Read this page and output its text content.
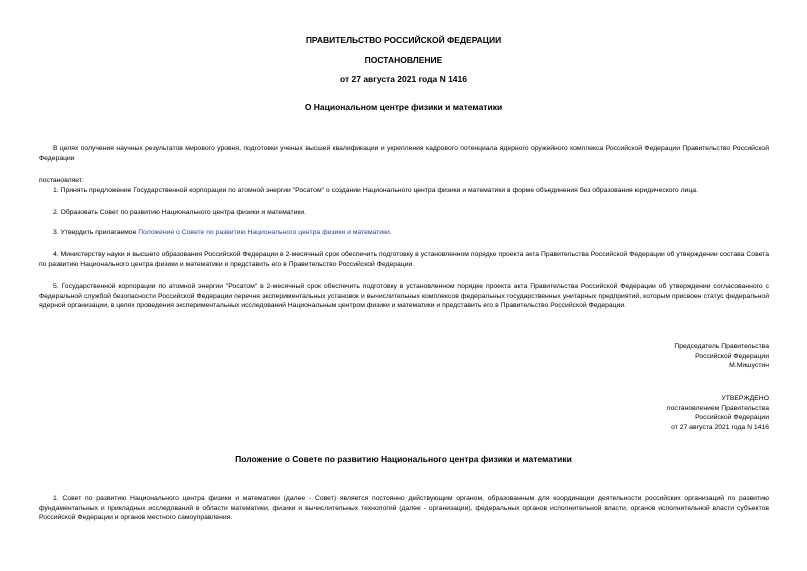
ПРАВИТЕЛЬСТВО РОССИЙСКОЙ ФЕДЕРАЦИИ
ПОСТАНОВЛЕНИЕ
от 27 августа 2021 года N 1416
О Национальном центре физики и математики
В целях получения научных результатов мирового уровня, подготовки ученых высшей квалификации и укрепления кадрового потенциала ядерного оружейного комплекса Российской Федерации Правительство Российской Федерации
постановляет:
1. Принять предложение Государственной корпорации по атомной энергии "Росатом" о создании Национального центра физики и математики в форме объединения без образования юридического лица.
2. Образовать Совет по развитию Национального центра физики и математики.
3. Утвердить прилагаемое Положение о Совете по развитию Национального центра физики и математики.
4. Министерству науки и высшего образования Российской Федерации в 2-месячный срок обеспечить подготовку в установленном порядке проекта акта Правительства Российской Федерации об утверждении состава Совета по развитию Национального центра физики и математики и представить его в Правительство Российской Федерации.
5. Государственной корпорации по атомной энергии "Росатом" в 2-месячный срок обеспечить подготовку в установленном порядке проекта акта Правительства Российской Федерации об утверждении согласованного с Федеральной службой безопасности Российской Федерации перечня экспериментальных установок и вычислительных комплексов федеральных государственных унитарных предприятий, которым присвоен статус федеральной ядерной организации, в целях проведения экспериментальных исследований Национальным центром физики и математики и представить его в Правительство Российской Федерации.
Председатель Правительства
Российской Федерации
М.Мишустин
УТВЕРЖДЕНО
постановлением Правительства
Российской Федерации
от 27 августа 2021 года N 1416
Положение о Совете по развитию Национального центра физики и математики
1. Совет по развитию Национального центра физики и математики (далее - Совет) является постоянно действующим органом, образованным для координации деятельности российских организаций по развитию фундаментальных и прикладных исследований в области математики, физики и вычислительных технологий (далее - организации), федеральных органов исполнительной власти, органов исполнительной власти субъектов Российской Федерации и органов местного самоуправления.
